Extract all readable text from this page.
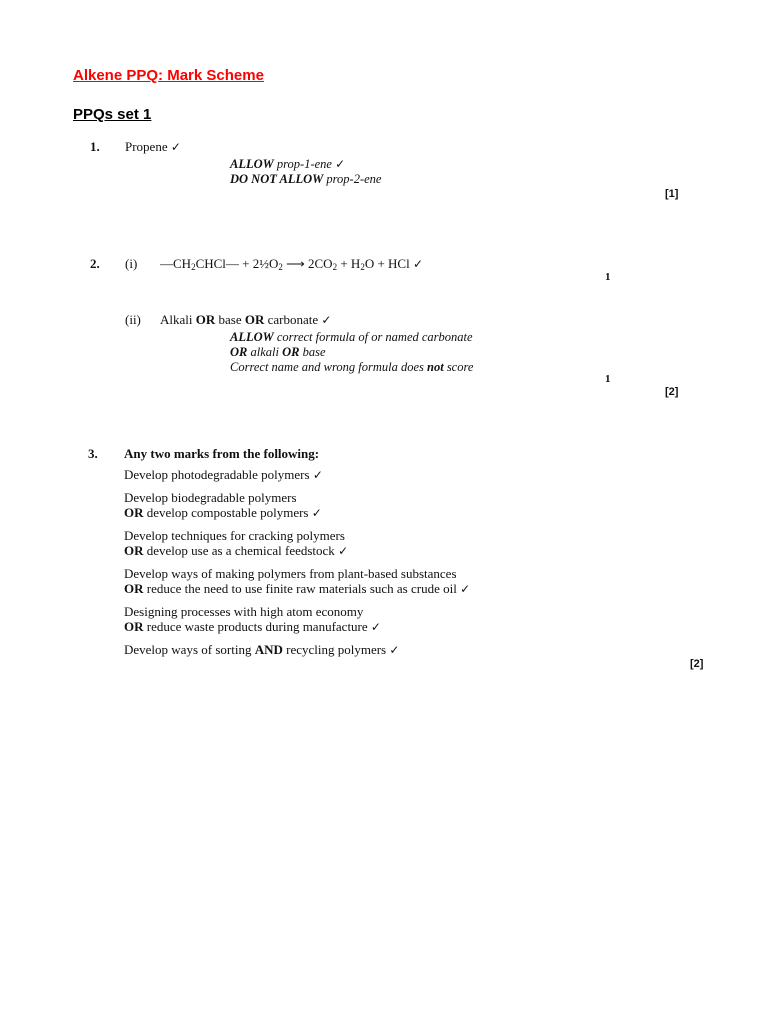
Alkene PPQ: Mark Scheme
PPQs set 1
1. Propene ✓
ALLOW prop-1-ene ✓
DO NOT ALLOW prop-2-ene
[1]
2. (i) $—CH_2CHCl—$ + $2\frac{1}{2}O_2$ ⟶ $2CO_2 + H_2O$ + HCl ✓
1
(ii) Alkali OR base OR carbonate ✓
ALLOW correct formula of or named carbonate
OR alkali OR base
Correct name and wrong formula does not score
1
[2]
3. Any two marks from the following:
Develop photodegradable polymers ✓
Develop biodegradable polymers
OR develop compostable polymers ✓
Develop techniques for cracking polymers
OR develop use as a chemical feedstock ✓
Develop ways of making polymers from plant-based substances
OR reduce the need to use finite raw materials such as crude oil ✓
Designing processes with high atom economy
OR reduce waste products during manufacture ✓
Develop ways of sorting AND recycling polymers ✓
[2]
